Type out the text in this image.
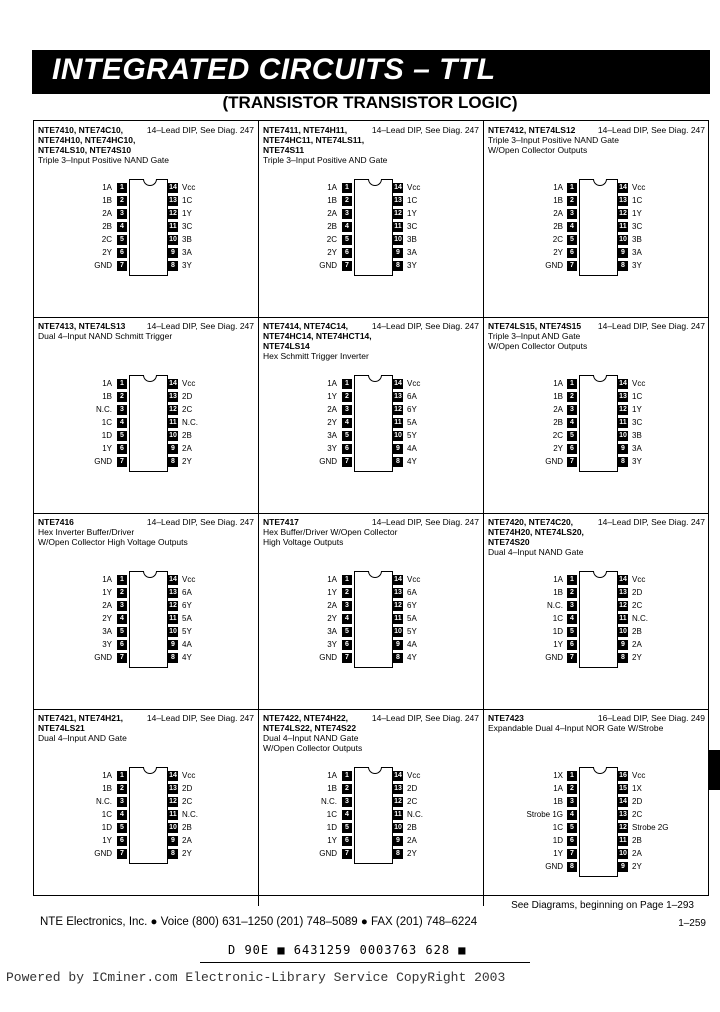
INTEGRATED CIRCUITS – TTL
(TRANSISTOR TRANSISTOR LOGIC)
14–Lead DIP, See Diag. 247
NTE7410, NTE74C10, NTE74H10, NTE74HC10, NTE74LS10, NTE74S10
Triple 3–Input Positive NAND Gate
1	14
1A	Vcc
2	13
1B	1C
3	12
2A	1Y
4	11
2B	3C
5	10
2C	3B
6	9
2Y	3A
7	8
GND	3Y
14–Lead DIP, See Diag. 247
NTE7411, NTE74H11, NTE74HC11, NTE74LS11, NTE74S11
Triple 3–Input Positive AND Gate
1	14
1A	Vcc
2	13
1B	1C
3	12
2A	1Y
4	11
2B	3C
5	10
2C	3B
6	9
2Y	3A
7	8
GND	3Y
14–Lead DIP, See Diag. 247
NTE7412, NTE74LS12
Triple 3–Input Positive NAND Gate
W/Open Collector Outputs
1	14
1A	Vcc
2	13
1B	1C
3	12
2A	1Y
4	11
2B	3C
5	10
2C	3B
6	9
2Y	3A
7	8
GND	3Y
14–Lead DIP, See Diag. 247
NTE7413, NTE74LS13
Dual 4–Input NAND Schmitt Trigger
1	14
1A	Vcc
2	13
1B	2D
3	12
N.C.	2C
4	11
1C	N.C.
5	10
1D	2B
6	9
1Y	2A
7	8
GND	2Y
14–Lead DIP, See Diag. 247
NTE7414, NTE74C14, NTE74HC14, NTE74HCT14, NTE74LS14
Hex Schmitt Trigger Inverter
1	14
1A	Vcc
2	13
1Y	6A
3	12
2A	6Y
4	11
2Y	5A
5	10
3A	5Y
6	9
3Y	4A
7	8
GND	4Y
14–Lead DIP, See Diag. 247
NTE74LS15, NTE74S15
Triple 3–Input AND Gate
W/Open Collector Outputs
1	14
1A	Vcc
2	13
1B	1C
3	12
2A	1Y
4	11
2B	3C
5	10
2C	3B
6	9
2Y	3A
7	8
GND	3Y
14–Lead DIP, See Diag. 247
NTE7416
Hex Inverter Buffer/Driver
W/Open Collector High Voltage Outputs
1	14
1A	Vcc
2	13
1Y	6A
3	12
2A	6Y
4	11
2Y	5A
5	10
3A	5Y
6	9
3Y	4A
7	8
GND	4Y
14–Lead DIP, See Diag. 247
NTE7417
Hex Buffer/Driver W/Open Collector
High Voltage Outputs
1	14
1A	Vcc
2	13
1Y	6A
3	12
2A	6Y
4	11
2Y	5A
5	10
3A	5Y
6	9
3Y	4A
7	8
GND	4Y
14–Lead DIP, See Diag. 247
NTE7420, NTE74C20, NTE74H20, NTE74LS20, NTE74S20
Dual 4–Input NAND Gate
1	14
1A	Vcc
2	13
1B	2D
3	12
N.C.	2C
4	11
1C	N.C.
5	10
1D	2B
6	9
1Y	2A
7	8
GND	2Y
14–Lead DIP, See Diag. 247
NTE7421, NTE74H21, NTE74LS21
Dual 4–Input AND Gate
1	14
1A	Vcc
2	13
1B	2D
3	12
N.C.	2C
4	11
1C	N.C.
5	10
1D	2B
6	9
1Y	2A
7	8
GND	2Y
14–Lead DIP, See Diag. 247
NTE7422, NTE74H22, NTE74LS22, NTE74S22
Dual 4–Input NAND Gate
W/Open Collector Outputs
1	14
1A	Vcc
2	13
1B	2D
3	12
N.C.	2C
4	11
1C	N.C.
5	10
1D	2B
6	9
1Y	2A
7	8
GND	2Y
16–Lead DIP, See Diag. 249
NTE7423
Expandable Dual 4–Input NOR Gate W/Strobe
1	16
1X	Vcc
2	15
1A	1X
3	14
1B	2D
4	13
Strobe 1G	2C
5	12
1C	Strobe 2G
6	11
1D	2B
7	10
1Y	2A
8	9
GND	2Y
See Diagrams, beginning on Page 1–293
NTE Electronics, Inc. ● Voice (800) 631–1250 (201) 748–5089 ● FAX (201) 748–6224	1–259
D 90E ■ 6431259 0003763 628 ■
Powered by ICminer.com Electronic-Library Service CopyRight 2003
